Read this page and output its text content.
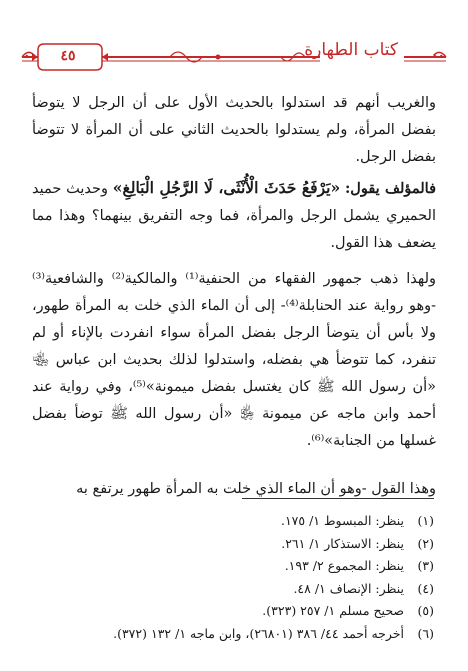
كتاب الطهارة
٤٥

والغريب أنهم قد استدلوا بالحديث الأول على أن الرجل لا يتوضأ بفضل المرأة، ولم يستدلوا بالحديث الثاني على أن المرأة لا تتوضأ بفضل الرجل.

فالمؤلف يقول: «يَرْفَعُ حَدَثَ الْأُنْثَى، لَا الرَّجُلِ الْبَالِغِ» وحديث حميد الحميري يشمل الرجل والمرأة، فما وجه التفريق بينهما؟ وهذا مما يضعف هذا القول.

ولهذا ذهب جمهور الفقهاء من الحنفية⁽¹⁾ والمالكية⁽²⁾ والشافعية⁽³⁾ -وهو رواية عند الحنابلة⁽⁴⁾- إلى أن الماء الذي خلت به المرأة طهور، ولا بأس أن يتوضأ الرجل بفضل المرأة سواء انفردت بالإناء أو لم تنفرد، كما تتوضأ هي بفضله، واستدلوا لذلك بحديث ابن عباس ﵄ «أن رسول الله ﷺ كان يغتسل بفضل ميمونة»⁽⁵⁾، وفي رواية عند أحمد وابن ماجه عن ميمونة ﵂ «أن رسول الله ﷺ توضأ بفضل غسلها من الجنابة»⁽⁶⁾.

وهذا القول -وهو أن الماء الذي خلت به المرأة طهور يرتفع به

(١) ينظر: المبسوط ١/ ١٧٥.
(٢) ينظر: الاستذكار ١/ ٢٦١.
(٣) ينظر: المجموع ٢/ ١٩٣.
(٤) ينظر: الإنصاف ١/ ٤٨.
(٥) صحيح مسلم ١/ ٢٥٧ (٣٢٣).
(٦) أخرجه أحمد ٤٤/ ٣٨٦ (٢٦٨٠١)، وابن ماجه ١/ ١٣٢ (٣٧٢).
